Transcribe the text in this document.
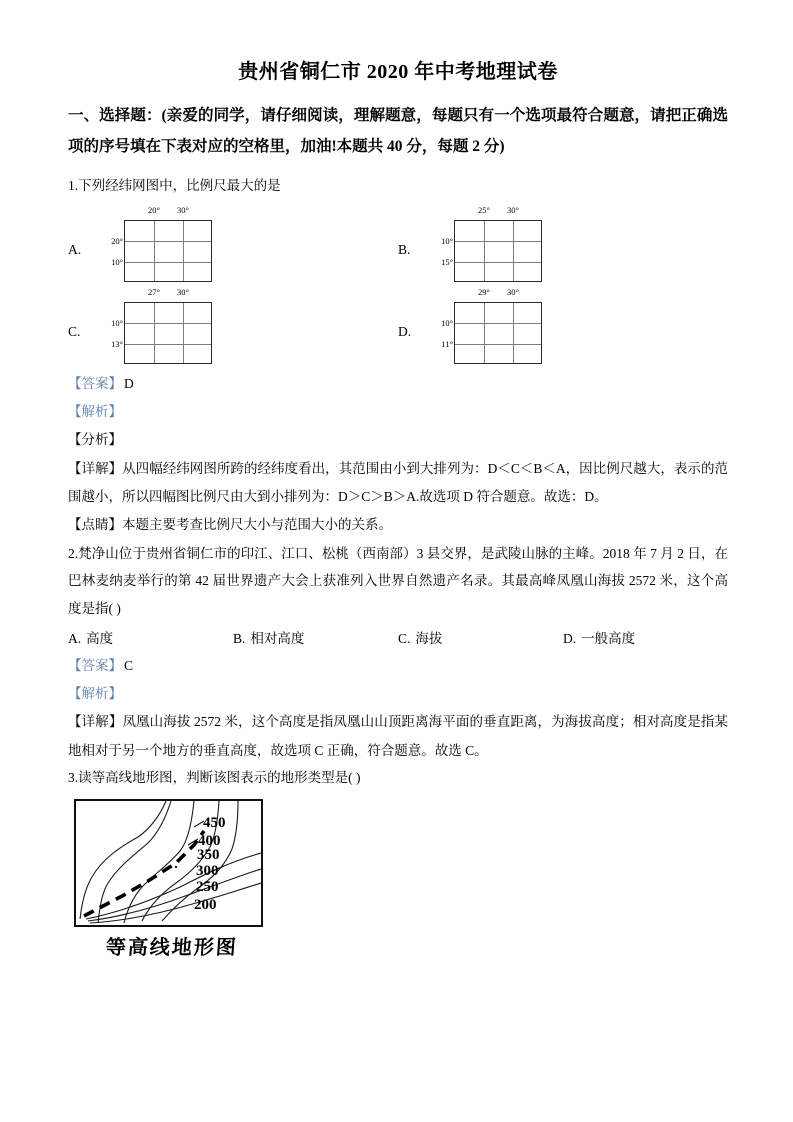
贵州省铜仁市 2020 年中考地理试卷
一、选择题：(亲爱的同学，请仔细阅读，理解题意，每题只有一个选项最符合题意，请把正确选项的序号填在下表对应的空格里，加油!本题共 40 分，每题 2 分)
1.下列经纬网图中，比例尺最大的是
A.
20° 30°
20°
10°
B.
25° 30°
10°
15°
C.
27° 30°
10°
13°
D.
29° 30°
10°
11°
【答案】 D
【解析】
【分析】
【详解】从四幅经纬网图所跨的经纬度看出，其范围由小到大排列为：D＜C＜B＜A，因比例尺越大，表示的范围越小，所以四幅图比例尺由大到小排列为：D＞C＞B＞A.故选项 D 符合题意。故选：D。
【点睛】本题主要考查比例尺大小与范围大小的关系。
2.梵净山位于贵州省铜仁市的印江、江口、松桃（西南部）3 县交界，是武陵山脉的主峰。2018 年 7 月 2 日，在巴林麦纳麦举行的第 42 届世界遗产大会上获准列入世界自然遗产名录。其最高峰凤凰山海拔 2572 米，这个高度是指( )
A. 高度	B. 相对高度	C. 海拔	D. 一般高度
【答案】 C
【解析】
【详解】凤凰山海拔 2572 米，这个高度是指凤凰山山顶距离海平面的垂直距离，为海拔高度；相对高度是指某地相对于另一个地方的垂直高度，故选项 C 正确，符合题意。故选 C。
3.读等高线地形图，判断该图表示的地形类型是( )
450
400
350
300
250
200
等高线地形图
